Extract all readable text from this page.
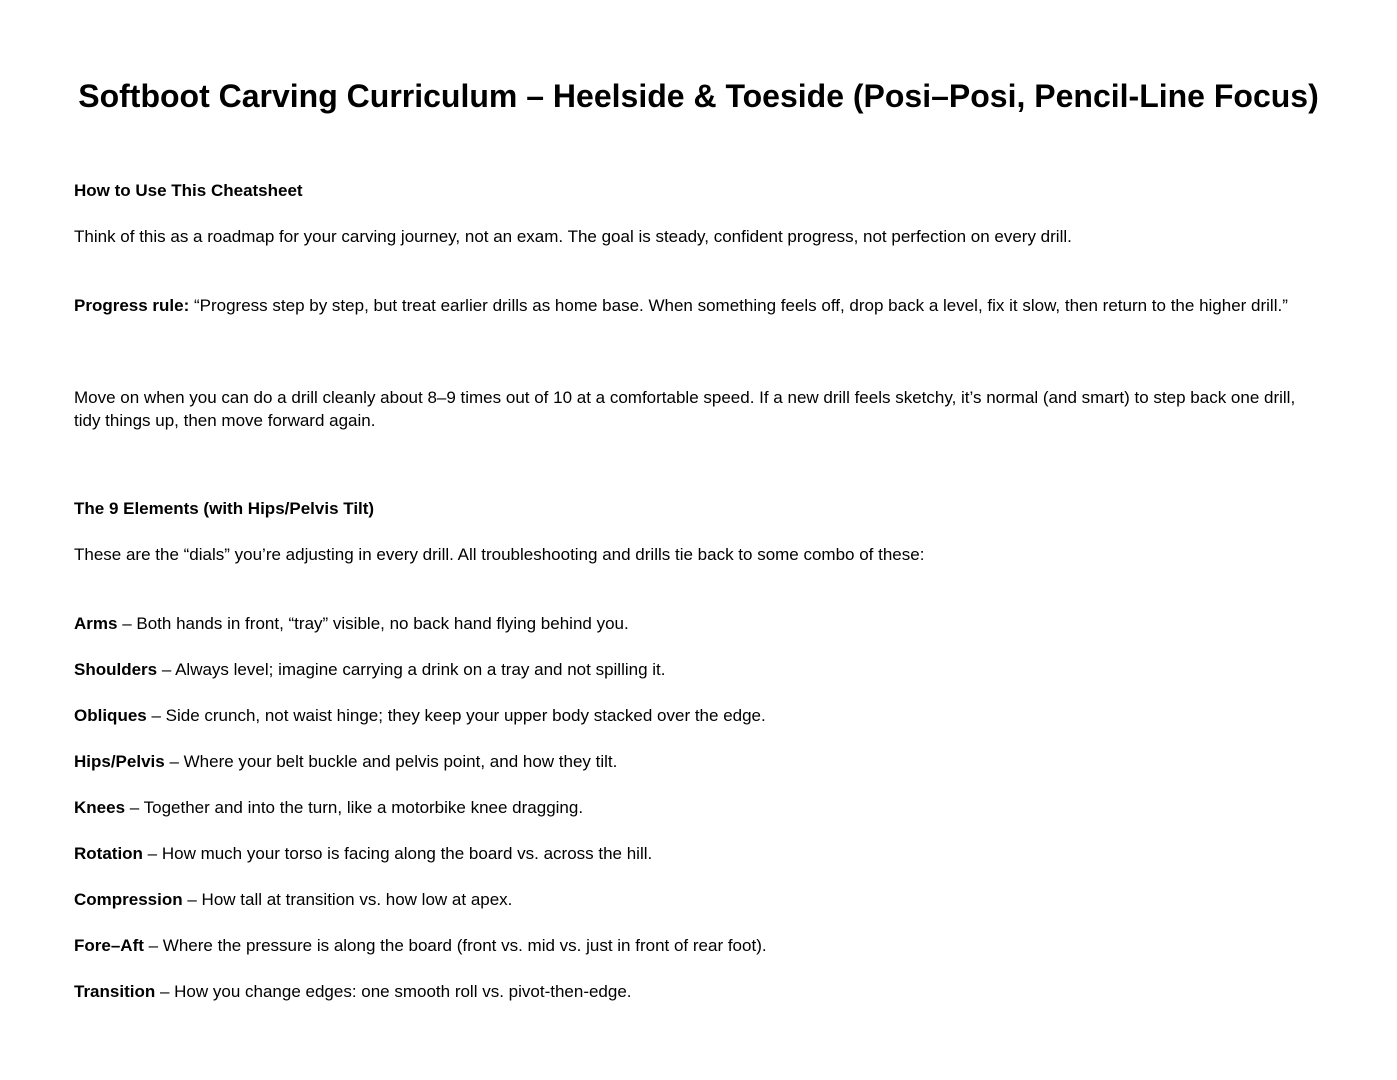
Softboot Carving Curriculum – Heelside & Toeside (Posi–Posi, Pencil-Line Focus)

How to Use This Cheatsheet

Think of this as a roadmap for your carving journey, not an exam. The goal is steady, confident progress, not perfection on every drill.

Progress rule: “Progress step by step, but treat earlier drills as home base. When something feels off, drop back a level, fix it slow, then return to the higher drill.”

Move on when you can do a drill cleanly about 8–9 times out of 10 at a comfortable speed. If a new drill feels sketchy, it’s normal (and smart) to step back one drill, tidy things up, then move forward again.

The 9 Elements (with Hips/Pelvis Tilt)

These are the “dials” you’re adjusting in every drill. All troubleshooting and drills tie back to some combo of these:

Arms – Both hands in front, “tray” visible, no back hand flying behind you.

Shoulders – Always level; imagine carrying a drink on a tray and not spilling it.

Obliques – Side crunch, not waist hinge; they keep your upper body stacked over the edge.

Hips/Pelvis – Where your belt buckle and pelvis point, and how they tilt.

Knees – Together and into the turn, like a motorbike knee dragging.

Rotation – How much your torso is facing along the board vs. across the hill.

Compression – How tall at transition vs. how low at apex.

Fore–Aft – Where the pressure is along the board (front vs. mid vs. just in front of rear foot).

Transition – How you change edges: one smooth roll vs. pivot-then-edge.
